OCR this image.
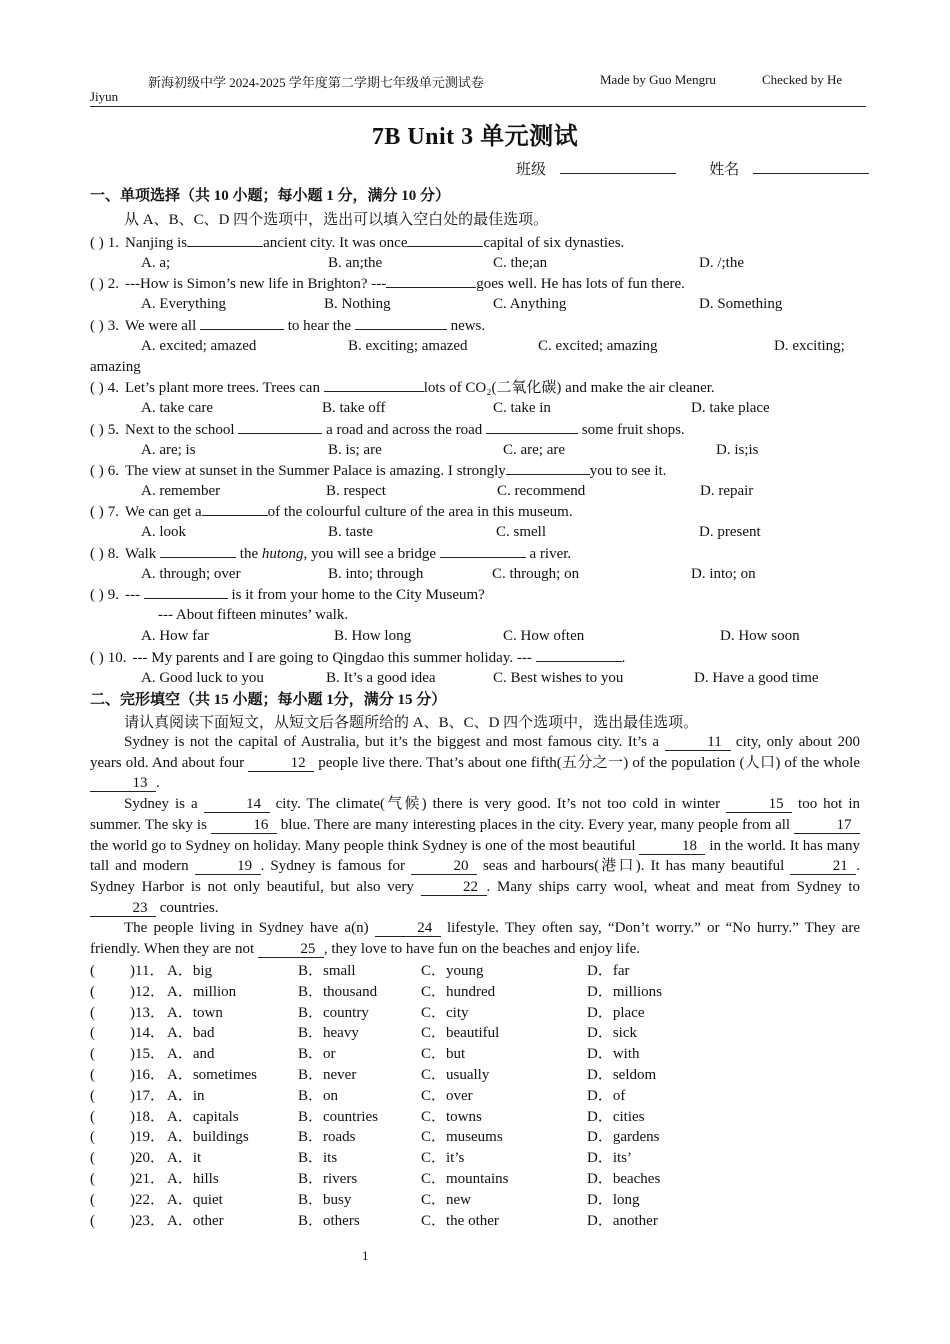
新海初级中学 2024-2025 学年度第二学期七年级单元测试卷	Made by Guo Mengru	Checked by He
Jiyun
7B Unit 3 单元测试
班级	姓名
一、单项选择（共 10 小题；每小题 1 分，满分 10 分）
从 A、B、C、D 四个选项中，选出可以填入空白处的最佳选项。
( ) 1. Nanjing is	ancient city. It was once	capital of six dynasties.
A. a;	B. an;the	C. the;an	D. /;the
( ) 2. ---How is Simon’s new life in Brighton? ---	goes well. He has lots of fun there.
A. Everything	B. Nothing	C. Anything	D. Something
( ) 3. We were all	to hear the	news.
A. excited; amazed	B. exciting; amazed	C. excited; amazing	D. exciting;
amazing
( ) 4. Let’s plant more trees. Trees can	lots of CO₂(二氧化碳) and make the air cleaner.
A. take care	B. take off	C. take in	D. take place
( ) 5. Next to the school	a road and across the road	some fruit shops.
A. are; is	B. is; are	C. are; are	D. is;is
( ) 6. The view at sunset in the Summer Palace is amazing. I strongly	you to see it.
A. remember	B. respect	C. recommend	D. repair
( ) 7. We can get a	of the colourful culture of the area in this museum.
A. look	B. taste	C. smell	D. present
( ) 8. Walk	the hutong, you will see a bridge	a river.
A. through; over	B. into; through	C. through; on	D. into; on
( ) 9. ---	is it from your home to the City Museum?
--- About fifteen minutes’ walk.
A. How far	B. How long	C. How often	D. How soon
( ) 10. --- My parents and I are going to Qingdao this summer holiday. ---	.
A. Good luck to you	B. It’s a good idea	C. Best wishes to you	D. Have a good time
二、完形填空（共 15 小题；每小题 1分，满分 15 分）
请认真阅读下面短文，从短文后各题所给的 A、B、C、D 四个选项中，选出最佳选项。

Sydney is not the capital of Australia, but it’s the biggest and most famous city. It’s a	11 city, only about 200 years old. And about four	12 people live there. That’s about one fifth(五分之一) of the population (人口) of the whole 13 .

Sydney is a	14 city. The climate(气候) there is very good. It’s not too cold in winter	15 too hot in summer. The sky is	16 blue. There are many interesting places in the city. Every year, many people from all	17 the world go to Sydney on holiday. Many people think Sydney is one of the most beautiful	18 in the world. It has many tall and modern	19 . Sydney is famous for	20 seas and harbours(港口). It has many beautiful	21 . Sydney Harbor is not only beautiful, but also very	22 . Many ships carry wool, wheat and meat from Sydney to 23 countries.

The people living in Sydney have a(n)	24 lifestyle. They often say, “Don’t worry.” or “No hurry.” They are friendly. When they are not	25 , they love to have fun on the beaches and enjoy life.

( )11． A．big	B．small	C．young	D．far
( )12． A．million	B．thousand	C．hundred	D．millions
( )13． A．town	B．country	C．city	D．place
( )14． A．bad	B．heavy	C．beautiful	D．sick
( )15． A．and	B．or	C．but	D．with
( )16． A．sometimes	B．never	C．usually	D．seldom
( )17． A．in	B．on	C．over	D．of
( )18． A．capitals	B．countries	C．towns	D．cities
( )19． A．buildings	B．roads	C．museums	D．gardens
( )20． A．it	B．its	C．it’s	D．its’
( )21． A．hills	B．rivers	C．mountains	D．beaches
( )22． A．quiet	B．busy	C．new	D．long
( )23． A．other	B．others	C．the other	D．another
1
